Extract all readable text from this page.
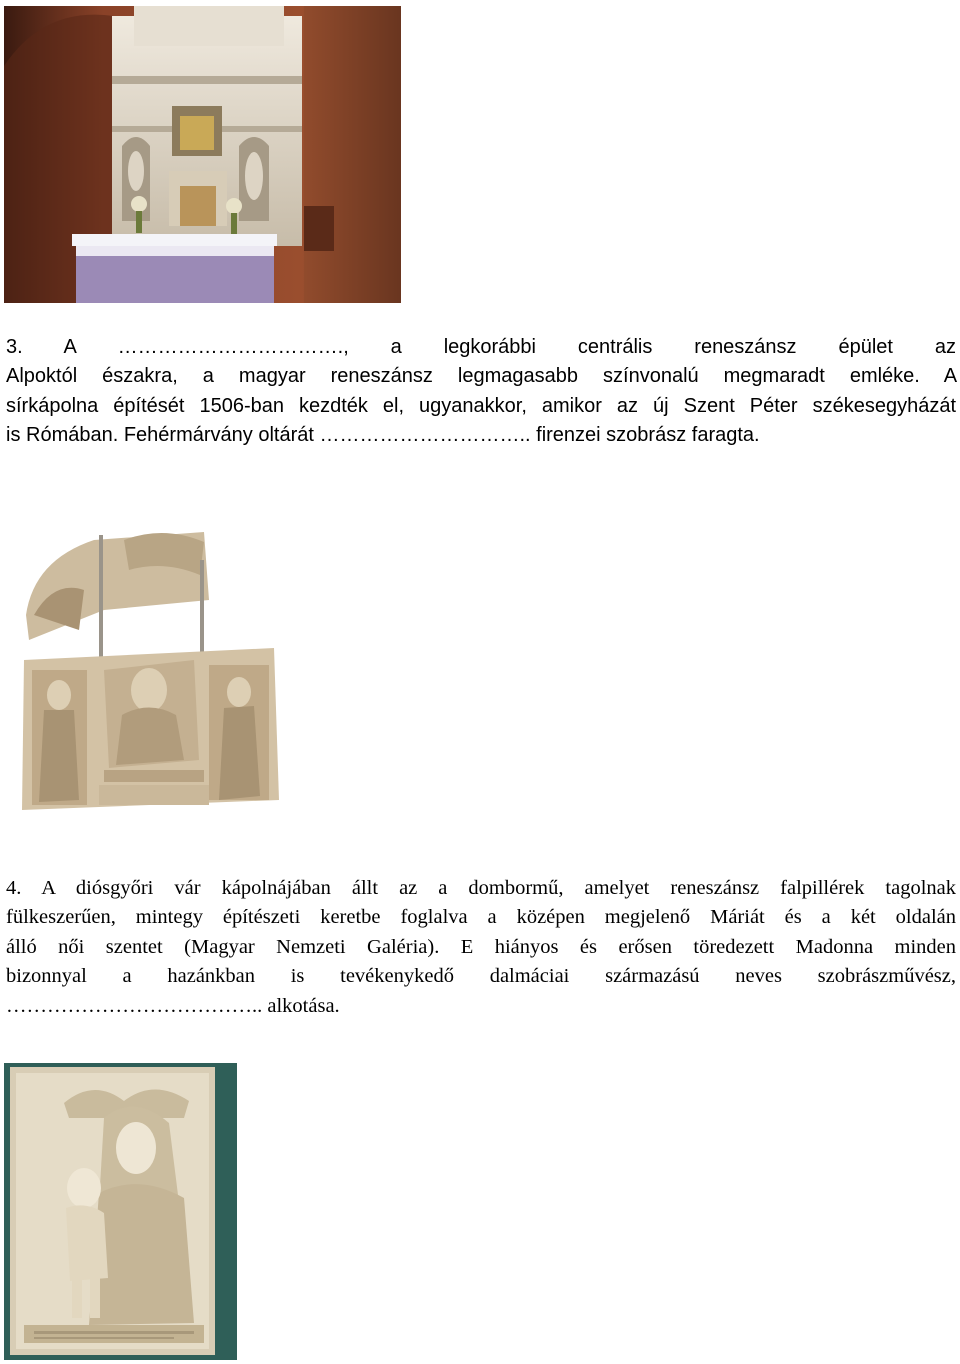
3. A ……………………………., a legkorábbi centrális reneszánsz épület az Alpoktól északra, a magyar reneszánsz legmagasabb színvonalú megmaradt emléke. A sírkápolna építését 1506-ban kezdték el, ugyanakkor, amikor az új Szent Péter székesegyházát is Rómában. Fehérmárvány oltárát ………………………….. firenzei szobrász faragta.
4. A diósgyőri vár kápolnájában állt az a dombormű, amelyet reneszánsz falpillérek tagolnak fülkeszerűen, mintegy építészeti keretbe foglalva a középen megjelenő Máriát és a két oldalán álló női szentet (Magyar Nemzeti Galéria). E hiányos és erősen töredezett Madonna minden bizonnyal a hazánkban is tevékenykedő dalmáciai származású neves szobrászművész, ……………………………….. alkotása.
